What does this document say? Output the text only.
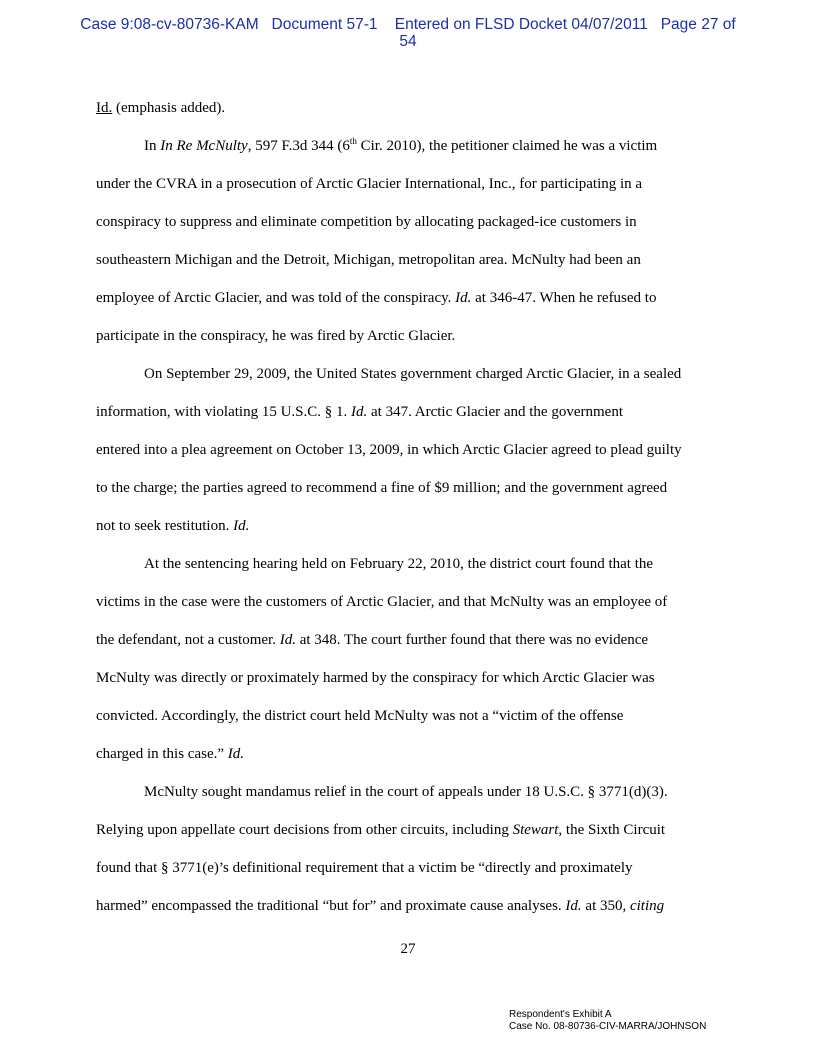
Case 9:08-cv-80736-KAM   Document 57-1    Entered on FLSD Docket 04/07/2011   Page 27 of
54
Id. (emphasis added).
In In Re McNulty, 597 F.3d 344 (6th Cir. 2010), the petitioner claimed he was a victim
under the CVRA in a prosecution of Arctic Glacier International, Inc., for participating in a
conspiracy to suppress and eliminate competition by allocating packaged-ice customers in
southeastern Michigan and the Detroit, Michigan, metropolitan area. McNulty had been an
employee of Arctic Glacier, and was told of the conspiracy. Id. at 346-47. When he refused to
participate in the conspiracy, he was fired by Arctic Glacier.
On September 29, 2009, the United States government charged Arctic Glacier, in a sealed
information, with violating 15 U.S.C. § 1. Id. at 347. Arctic Glacier and the government
entered into a plea agreement on October 13, 2009, in which Arctic Glacier agreed to plead guilty
to the charge; the parties agreed to recommend a fine of $9 million; and the government agreed
not to seek restitution. Id.
At the sentencing hearing held on February 22, 2010, the district court found that the
victims in the case were the customers of Arctic Glacier, and that McNulty was an employee of
the defendant, not a customer. Id. at 348. The court further found that there was no evidence
McNulty was directly or proximately harmed by the conspiracy for which Arctic Glacier was
convicted. Accordingly, the district court held McNulty was not a “victim of the offense
charged in this case.” Id.
McNulty sought mandamus relief in the court of appeals under 18 U.S.C. § 3771(d)(3).
Relying upon appellate court decisions from other circuits, including Stewart, the Sixth Circuit
found that § 3771(e)’s definitional requirement that a victim be “directly and proximately
harmed” encompassed the traditional “but for” and proximate cause analyses. Id. at 350, citing
27
Respondent's Exhibit A
Case No. 08-80736-CIV-MARRA/JOHNSON
